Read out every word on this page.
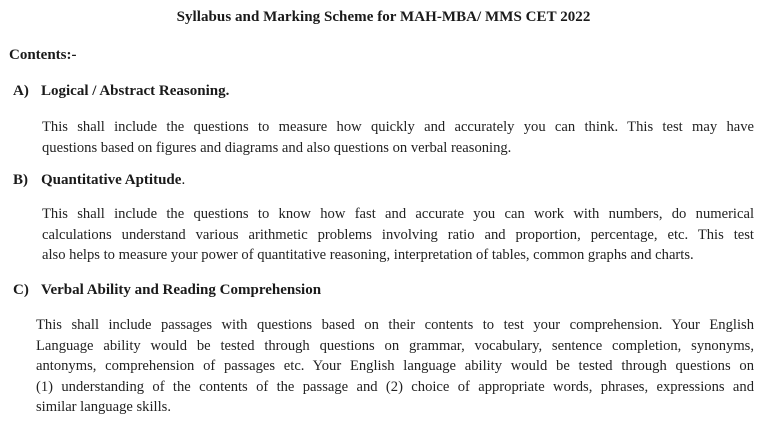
Syllabus and Marking Scheme for MAH-MBA/ MMS CET 2022
Contents:-
A) Logical / Abstract Reasoning.
This shall include the questions to measure how quickly and accurately you can think. This test may have
questions based on figures and diagrams and also questions on verbal reasoning.
B) Quantitative Aptitude.
This shall include the questions to know how fast and accurate you can work with numbers, do numerical
calculations understand various arithmetic problems involving ratio and proportion, percentage, etc. This test
also helps to measure your power of quantitative reasoning, interpretation of tables, common graphs and charts.
C) Verbal Ability and Reading Comprehension
This shall include passages with questions based on their contents to test your comprehension. Your English
Language ability would be tested through questions on grammar, vocabulary, sentence completion, synonyms,
antonyms, comprehension of passages etc. Your English language ability would be tested through questions on
(1) understanding of the contents of the passage and (2) choice of appropriate words, phrases, expressions and
similar language skills.
